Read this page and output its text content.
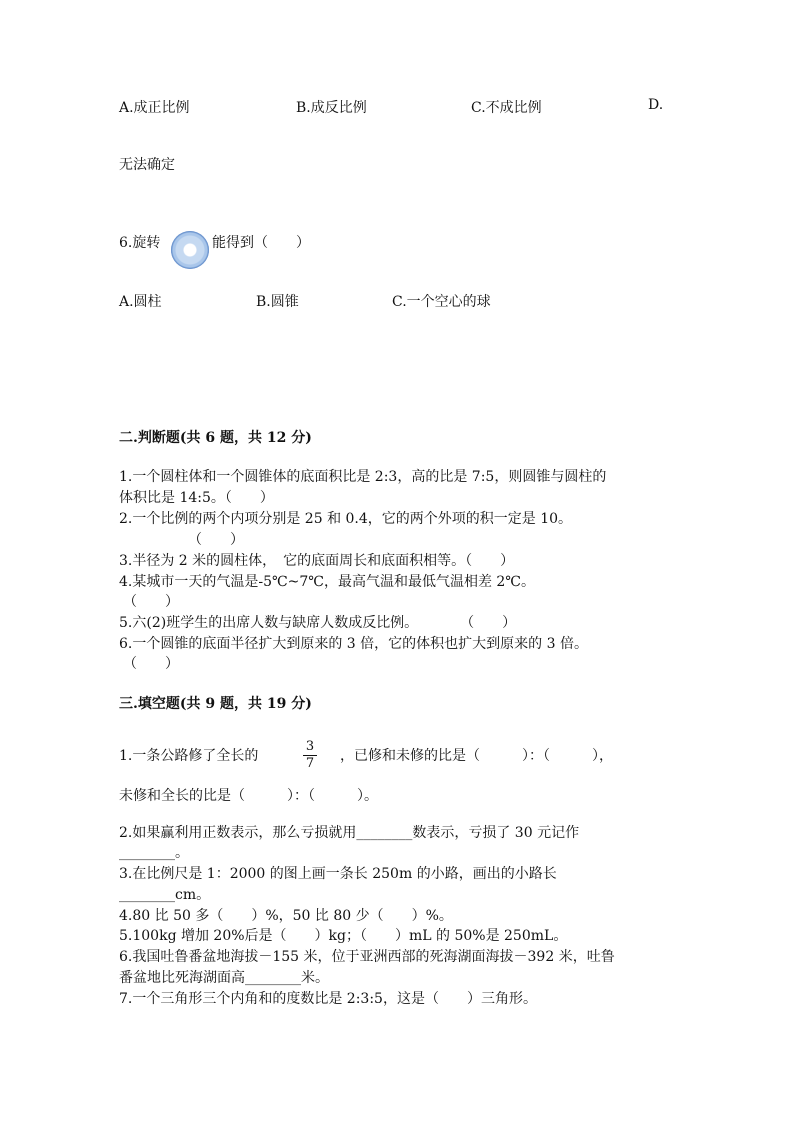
A.成正比例	B.成反比例	C.不成比例	D.
无法确定
6.旋转	能得到（　　）
A.圆柱	B.圆锥	C.一个空心的球
二.判断题(共 6 题，共 12 分)
1.一个圆柱体和一个圆锥体的底面积比是 2:3，高的比是 7:5，则圆锥与圆柱的
体积比是 14:5。（　　）
2.一个比例的两个内项分别是 25 和 0.4，它的两个外项的积一定是 10。
（　　）
3.半径为 2 米的圆柱体，　它的底面周长和底面积相等。（　　）
4.某城市一天的气温是-5℃~7℃，最高气温和最低气温相差 2℃。
（　　）
5.六(2)班学生的出席人数与缺席人数成反比例。　　　　（　　）
6.一个圆锥的底面半径扩大到原来的 3 倍，它的体积也扩大到原来的 3 倍。
（　　）
三.填空题(共 9 题，共 19 分)
1.一条公路修了全长的
3
7 ，已修和未修的比是（　　　）：（　　　），
未修和全长的比是（　　　）：（　　　）。
2.如果赢利用正数表示，那么亏损就用________数表示，亏损了 30 元记作
________。
3.在比例尺是 1：2000 的图上画一条长 250m 的小路，画出的小路长
________cm。
4.80 比 50 多（　　）%，50 比 80 少（　　）%。
5.100kg 增加 20%后是（　　）kg；（　　）mL 的 50%是 250mL。
6.我国吐鲁番盆地海拔－155 米，位于亚洲西部的死海湖面海拔－392 米，吐鲁
番盆地比死海湖面高________米。
7.一个三角形三个内角和的度数比是 2:3:5，这是（　　）三角形。
